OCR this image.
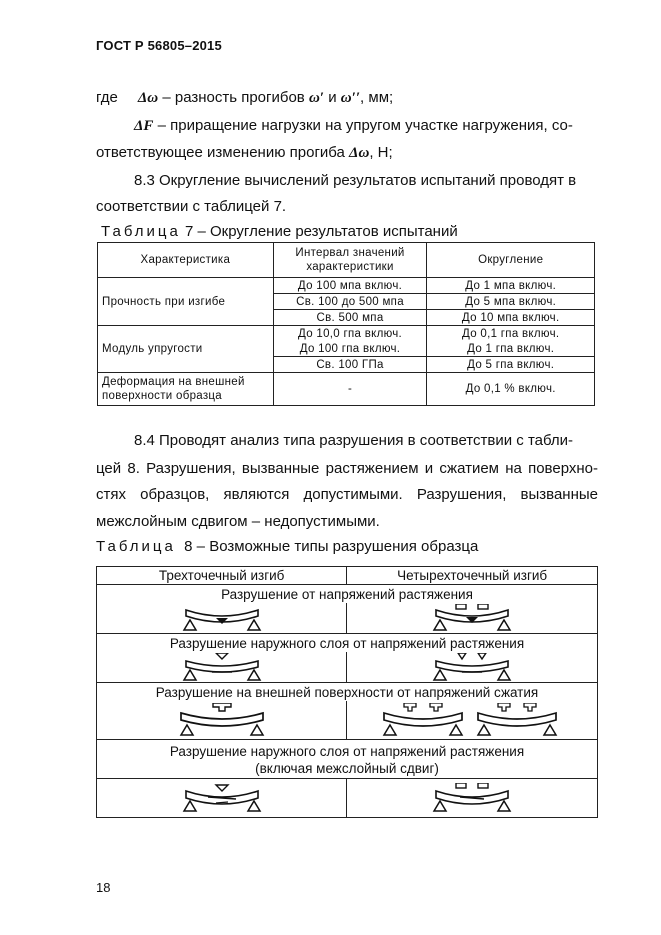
ГОСТ Р 56805–2015
где Δω – разность прогибов ω′ и ω′′, мм;
ΔF – приращение нагрузки на упругом участке нагружения, со-
ответствующее изменению прогиба Δω, Н;
8.3 Округление вычислений результатов испытаний проводят в
соответствии с таблицей 7.
Таблица 7 – Округление результатов испытаний
Характеристика	Интервал значений характеристики	Округление
Прочность при изгибе	До 100 мпа включ.	До 1 мпа включ.
	Св. 100 до 500 мпа	До 5 мпа включ.
	Св. 500 мпа	До 10 мпа включ.
Модуль упругости	До 10,0 гпа включ.	До 0,1 гпа включ.
	До 100 гпа включ.	До 1 гпа включ.
	Св. 100 ГПа	До 5 гпа включ.

Деформация на внешней
поверхности образца	-	До 0,1 % включ.
8.4 Проводят анализ типа разрушения в соответствии с табли-
цей 8. Разрушения, вызванные растяжением и сжатием на поверхно-
стях образцов, являются допустимыми. Разрушения, вызванные
межслойным сдвигом – недопустимыми.
Таблица 8 – Возможные типы разрушения образца
Трехточечный изгиб	Четырехточечный изгиб
Разрушение от напряжений растяжения	

Разрушение наружного слоя от напряжений растяжения	

Разрушение на внешней поверхности от напряжений сжатия	

Разрушение наружного слоя от напряжений растяжения
(включая межслойный сдвиг)	

18
